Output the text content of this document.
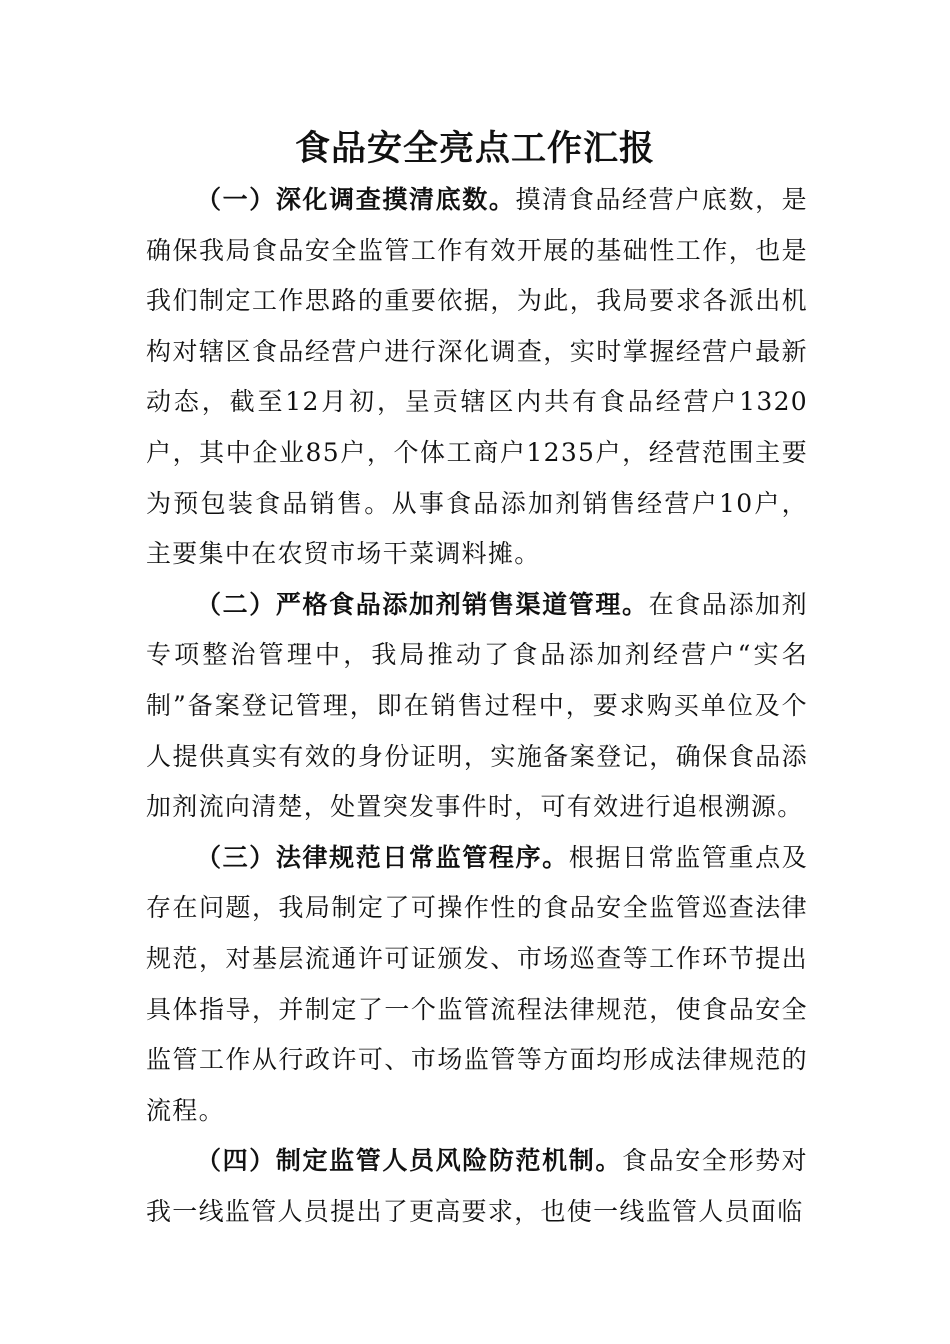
食品安全亮点工作汇报

（一）深化调查摸清底数。摸清食品经营户底数，是确保我局食品安全监管工作有效开展的基础性工作，也是我们制定工作思路的重要依据，为此，我局要求各派出机构对辖区食品经营户进行深化调查，实时掌握经营户最新动态，截至12月初，呈贡辖区内共有食品经营户1320户，其中企业85户，个体工商户1235户，经营范围主要为预包装食品销售。从事食品添加剂销售经营户10户，主要集中在农贸市场干菜调料摊。

（二）严格食品添加剂销售渠道管理。在食品添加剂专项整治管理中，我局推动了食品添加剂经营户“实名制”备案登记管理，即在销售过程中，要求购买单位及个人提供真实有效的身份证明，实施备案登记，确保食品添加剂流向清楚，处置突发事件时，可有效进行追根溯源。

（三）法律规范日常监管程序。根据日常监管重点及存在问题，我局制定了可操作性的食品安全监管巡查法律规范，对基层流通许可证颁发、市场巡查等工作环节提出具体指导，并制定了一个监管流程法律规范，使食品安全监管工作从行政许可、市场监管等方面均形成法律规范的流程。

（四）制定监管人员风险防范机制。食品安全形势对我一线监管人员提出了更高要求，也使一线监管人员面临
